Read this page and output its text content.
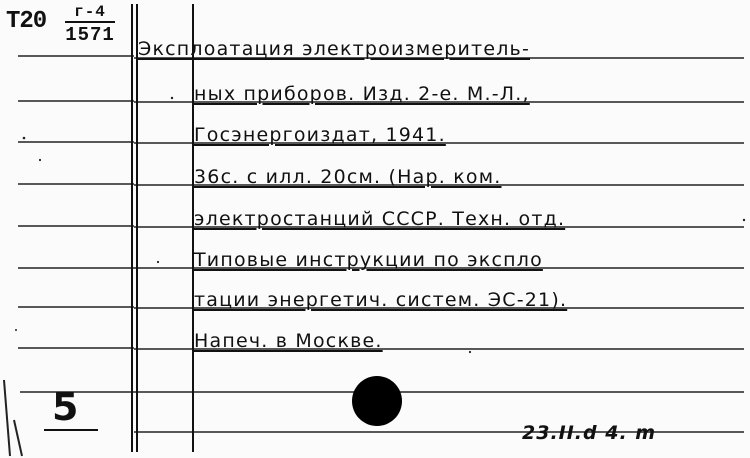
Т20	г-4
1571
Эксплоатация электроизмеритель-
ных приборов. Изд. 2-е. М.-Л.,
Госэнергоиздат, 1941.
36с. с илл. 20см. (Нар. ком.
электростанций СССР. Техн. отд.
Типовые инструкции по экспло
тации энергетич. систем. ЭС-21).
Напеч. в Москве.
5
23.II.d 4. m
